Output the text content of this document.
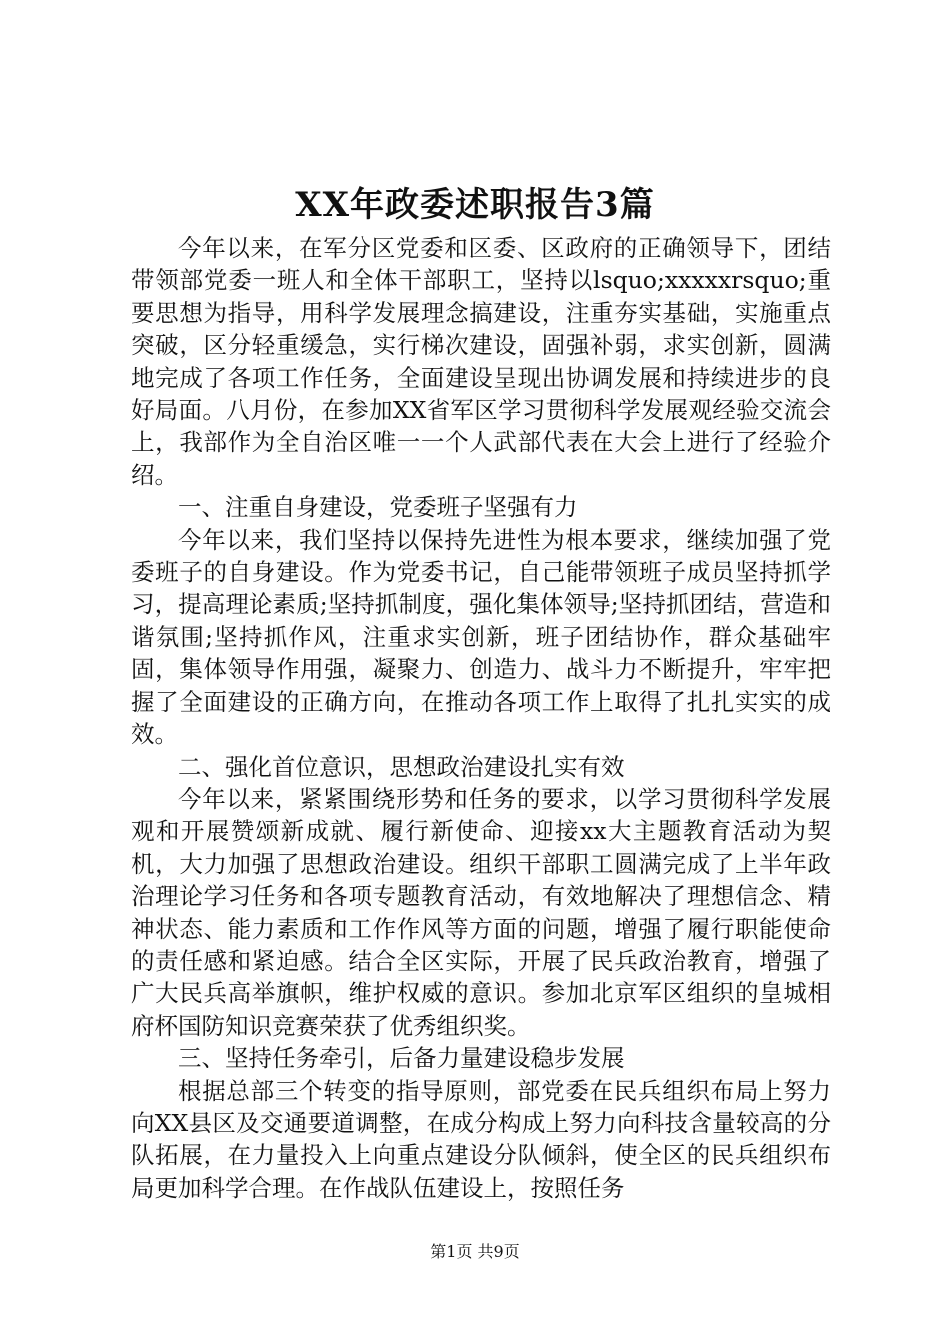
XX年政委述职报告3篇

今年以来，在军分区党委和区委、区政府的正确领导下，团结带领部党委一班人和全体干部职工，坚持以lsquo;xxxxxrsquo;重要思想为指导，用科学发展理念搞建设，注重夯实基础，实施重点突破，区分轻重缓急，实行梯次建设，固强补弱，求实创新，圆满地完成了各项工作任务，全面建设呈现出协调发展和持续进步的良好局面。八月份，在参加XX省军区学习贯彻科学发展观经验交流会上，我部作为全自治区唯一一个人武部代表在大会上进行了经验介绍。

一、注重自身建设，党委班子坚强有力

今年以来，我们坚持以保持先进性为根本要求，继续加强了党委班子的自身建设。作为党委书记，自己能带领班子成员坚持抓学习，提高理论素质;坚持抓制度，强化集体领导;坚持抓团结，营造和谐氛围;坚持抓作风，注重求实创新，班子团结协作，群众基础牢固，集体领导作用强，凝聚力、创造力、战斗力不断提升，牢牢把握了全面建设的正确方向，在推动各项工作上取得了扎扎实实的成效。

二、强化首位意识，思想政治建设扎实有效

今年以来，紧紧围绕形势和任务的要求，以学习贯彻科学发展观和开展赞颂新成就、履行新使命、迎接xx大主题教育活动为契机，大力加强了思想政治建设。组织干部职工圆满完成了上半年政治理论学习任务和各项专题教育活动，有效地解决了理想信念、精神状态、能力素质和工作作风等方面的问题，增强了履行职能使命的责任感和紧迫感。结合全区实际，开展了民兵政治教育，增强了广大民兵高举旗帜，维护权威的意识。参加北京军区组织的皇城相府杯国防知识竞赛荣获了优秀组织奖。

三、坚持任务牵引，后备力量建设稳步发展

根据总部三个转变的指导原则，部党委在民兵组织布局上努力向XX县区及交通要道调整，在成分构成上努力向科技含量较高的分队拓展，在力量投入上向重点建设分队倾斜，使全区的民兵组织布局更加科学合理。在作战队伍建设上，按照任务

第1页 共9页
